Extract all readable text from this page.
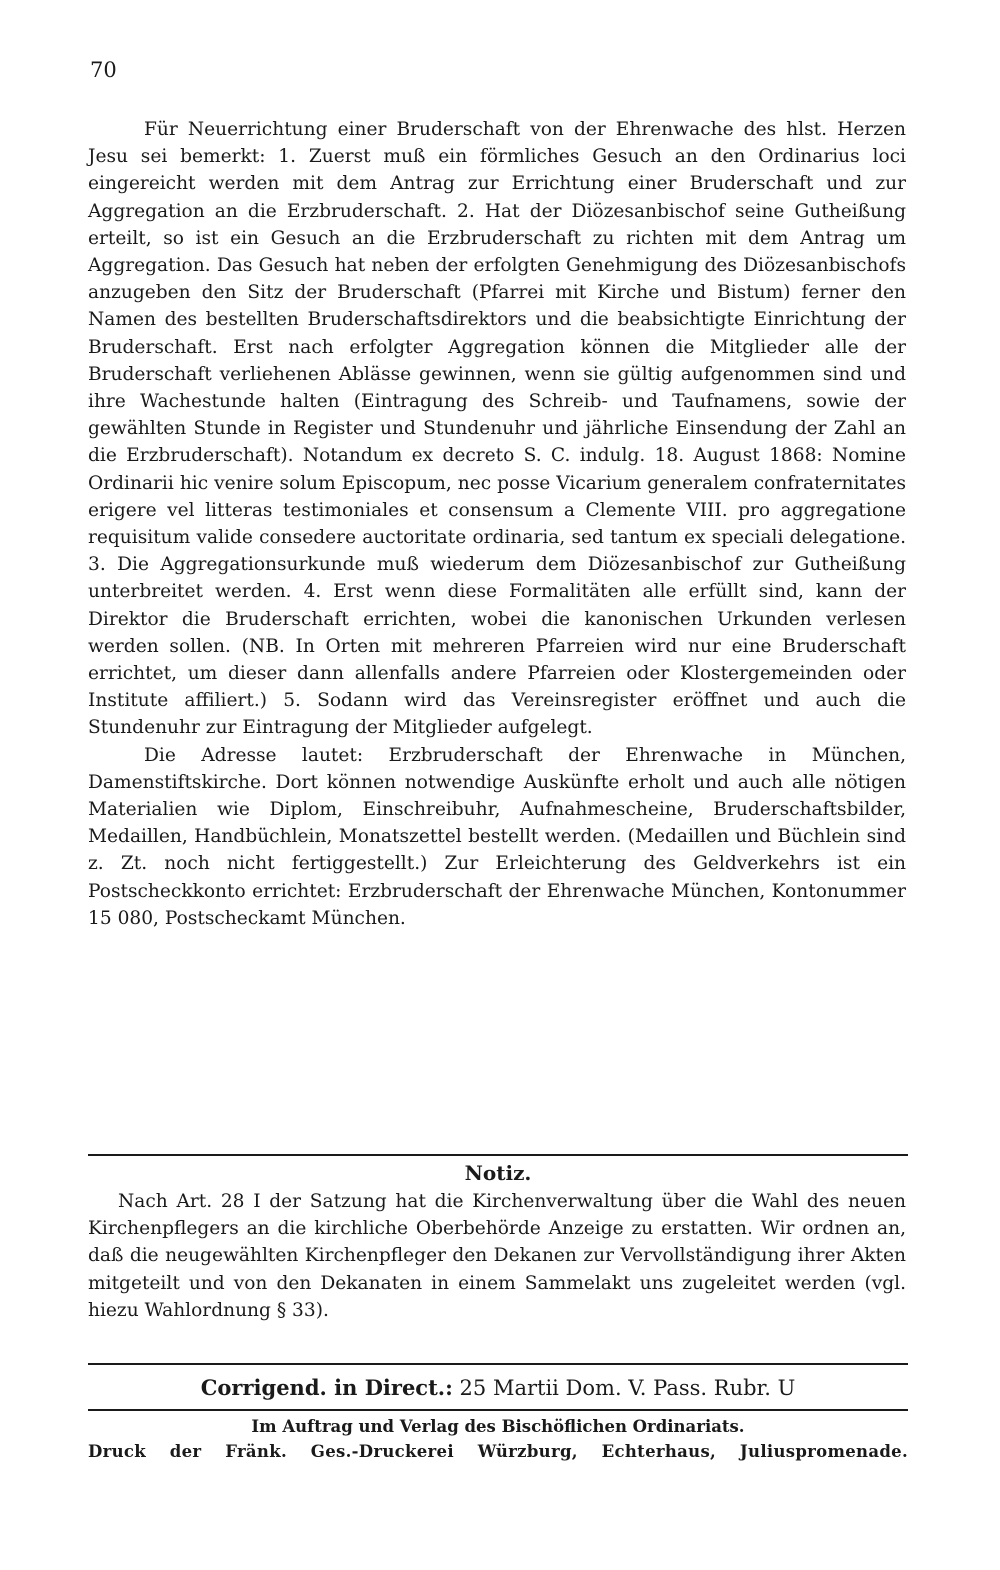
70

Für Neuerrichtung einer Bruderschaft von der Ehrenwache des hlst. Herzen Jesu sei bemerkt: 1. Zuerst muß ein förmliches Gesuch an den Ordinarius loci eingereicht werden mit dem Antrag zur Errichtung einer Bruderschaft und zur Aggregation an die Erzbruderschaft. 2. Hat der Diözesanbischof seine Gutheißung erteilt, so ist ein Gesuch an die Erzbruderschaft zu richten mit dem Antrag um Aggregation. Das Gesuch hat neben der erfolgten Genehmigung des Diözesanbischofs anzugeben den Sitz der Bruderschaft (Pfarrei mit Kirche und Bistum) ferner den Namen des bestellten Bruderschaftsdirektors und die beabsichtigte Einrichtung der Bruderschaft. Erst nach erfolgter Aggregation können die Mitglieder alle der Bruderschaft verliehenen Ablässe gewinnen, wenn sie gültig aufgenommen sind und ihre Wachestunde halten (Eintragung des Schreib- und Taufnamens, sowie der gewählten Stunde in Register und Stundenuhr und jährliche Einsendung der Zahl an die Erzbruderschaft). Notandum ex decreto S. C. indulg. 18. August 1868: Nomine Ordinarii hic venire solum Episcopum, nec posse Vicarium generalem confraternitates erigere vel litteras testimoniales et consensum a Clemente VIII. pro aggregatione requisitum valide consedere auctoritate ordinaria, sed tantum ex speciali delegatione. 3. Die Aggregationsurkunde muß wiederum dem Diözesanbischof zur Gutheißung unterbreitet werden. 4. Erst wenn diese Formalitäten alle erfüllt sind, kann der Direktor die Bruderschaft errichten, wobei die kanonischen Urkunden verlesen werden sollen. (NB. In Orten mit mehreren Pfarreien wird nur eine Bruderschaft errichtet, um dieser dann allenfalls andere Pfarreien oder Klostergemeinden oder Institute affiliert.) 5. Sodann wird das Vereinsregister eröffnet und auch die Stundenuhr zur Eintragung der Mitglieder aufgelegt.

Die Adresse lautet: Erzbruderschaft der Ehrenwache in München, Damenstiftskirche. Dort können notwendige Auskünfte erholt und auch alle nötigen Materialien wie Diplom, Einschreibuhr, Aufnahmescheine, Bruderschaftsbilder, Medaillen, Handbüchlein, Monatszettel bestellt werden. (Medaillen und Büchlein sind z. Zt. noch nicht fertiggestellt.) Zur Erleichterung des Geldverkehrs ist ein Postscheckkonto errichtet: Erzbruderschaft der Ehrenwache München, Kontonummer 15 080, Postscheckamt München.

Notiz.

Nach Art. 28 I der Satzung hat die Kirchenverwaltung über die Wahl des neuen Kirchenpflegers an die kirchliche Oberbehörde Anzeige zu erstatten. Wir ordnen an, daß die neugewählten Kirchenpfleger den Dekanen zur Vervollständigung ihrer Akten mitgeteilt und von den Dekanaten in einem Sammelakt uns zugeleitet werden (vgl. hiezu Wahlordnung § 33).

Corrigend. in Direct.: 25 Martii Dom. V. Pass. Rubr. U
Im Auftrag und Verlag des Bischöflichen Ordinariats.
Druck der Fränk. Ges.-Druckerei Würzburg, Echterhaus, Juliuspromenade.
